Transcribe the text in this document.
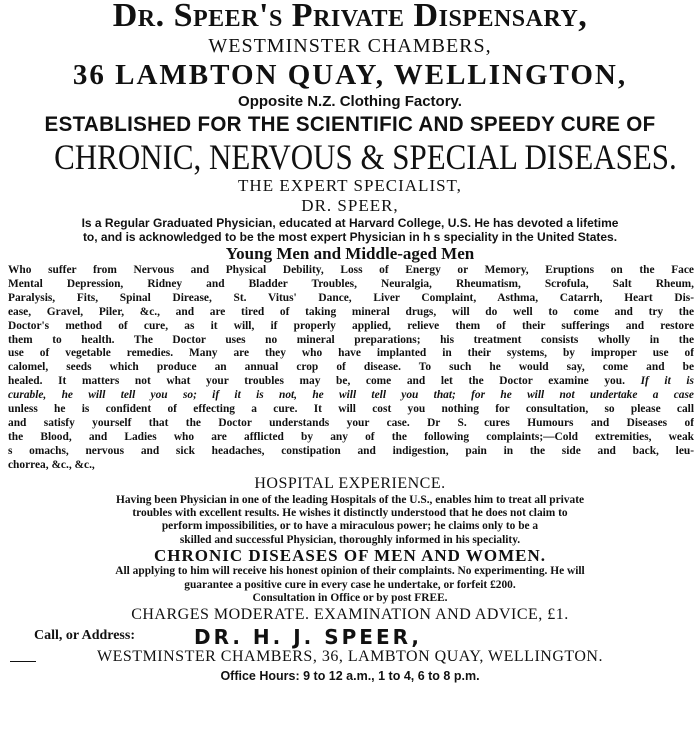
Dr. Speer's Private Dispensary,
WESTMINSTER CHAMBERS,
36 LAMBTON QUAY, WELLINGTON,
Opposite N.Z. Clothing Factory.
ESTABLISHED FOR THE SCIENTIFIC AND SPEEDY CURE OF
CHRONIC, NERVOUS & SPECIAL DISEASES.
THE EXPERT SPECIALIST,
DR. SPEER,
Is a Regular Graduated Physician, educated at Harvard College, U.S. He has devoted a lifetime
to, and is acknowledged to be the most expert Physician in h s speciality in the United States.
Young Men and Middle-aged Men
Who suffer from Nervous and Physical Debility, Loss of Energy or Memory, Eruptions on the Face
Mental Depression, Ridney and Bladder Troubles, Neuralgia, Rheumatism, Scrofula, Salt Rheum,
Paralysis, Fits, Spinal Direase, St. Vitus' Dance, Liver Complaint, Asthma, Catarrh, Heart Dis-
ease, Gravel, Piler, &c., and are tired of taking mineral drugs, will do well to come and try the
Doctor's method of cure, as it will, if properly applied, relieve them of their sufferings and restore
them to health. The Doctor uses no mineral preparations; his treatment consists wholly in the
use of vegetable remedies. Many are they who have implanted in their systems, by improper use of
calomel, seeds which produce an annual crop of disease. To such he would say, come and be
healed. It matters not what your troubles may be, come and let the Doctor examine you. If it is
curable, he will tell you so; if it is not, he will tell you that; for he will not undertake a case
unless he is confident of effecting a cure. It will cost you nothing for consultation, so please call
and satisfy yourself that the Doctor understands your case. Dr S. cures Humours and Diseases of
the Blood, and Ladies who are afflicted by any of the following complaints;—Cold extremities, weak
s omachs, nervous and sick headaches, constipation and indigestion, pain in the side and back, leu-
chorrea, &c., &c.,
HOSPITAL EXPERIENCE.
Having been Physician in one of the leading Hospitals of the U.S., enables him to treat all private
troubles with excellent results. He wishes it distinctly understood that he does not claim to
perform impossibilities, or to have a miraculous power; he claims only to be a
skilled and successful Physician, thoroughly informed in his speciality.
CHRONIC DISEASES OF MEN AND WOMEN.
All applying to him will receive his honest opinion of their complaints. No experimenting. He will
guarantee a positive cure in every case he undertake, or forfeit £200.
Consultation in Office or by post FREE.
CHARGES MODERATE. EXAMINATION AND ADVICE, £1.
Call, or Address:	DR. H. J. SPEER,
WESTMINSTER CHAMBERS, 36, LAMBTON QUAY, WELLINGTON.
Office Hours: 9 to 12 a.m., 1 to 4, 6 to 8 p.m.
